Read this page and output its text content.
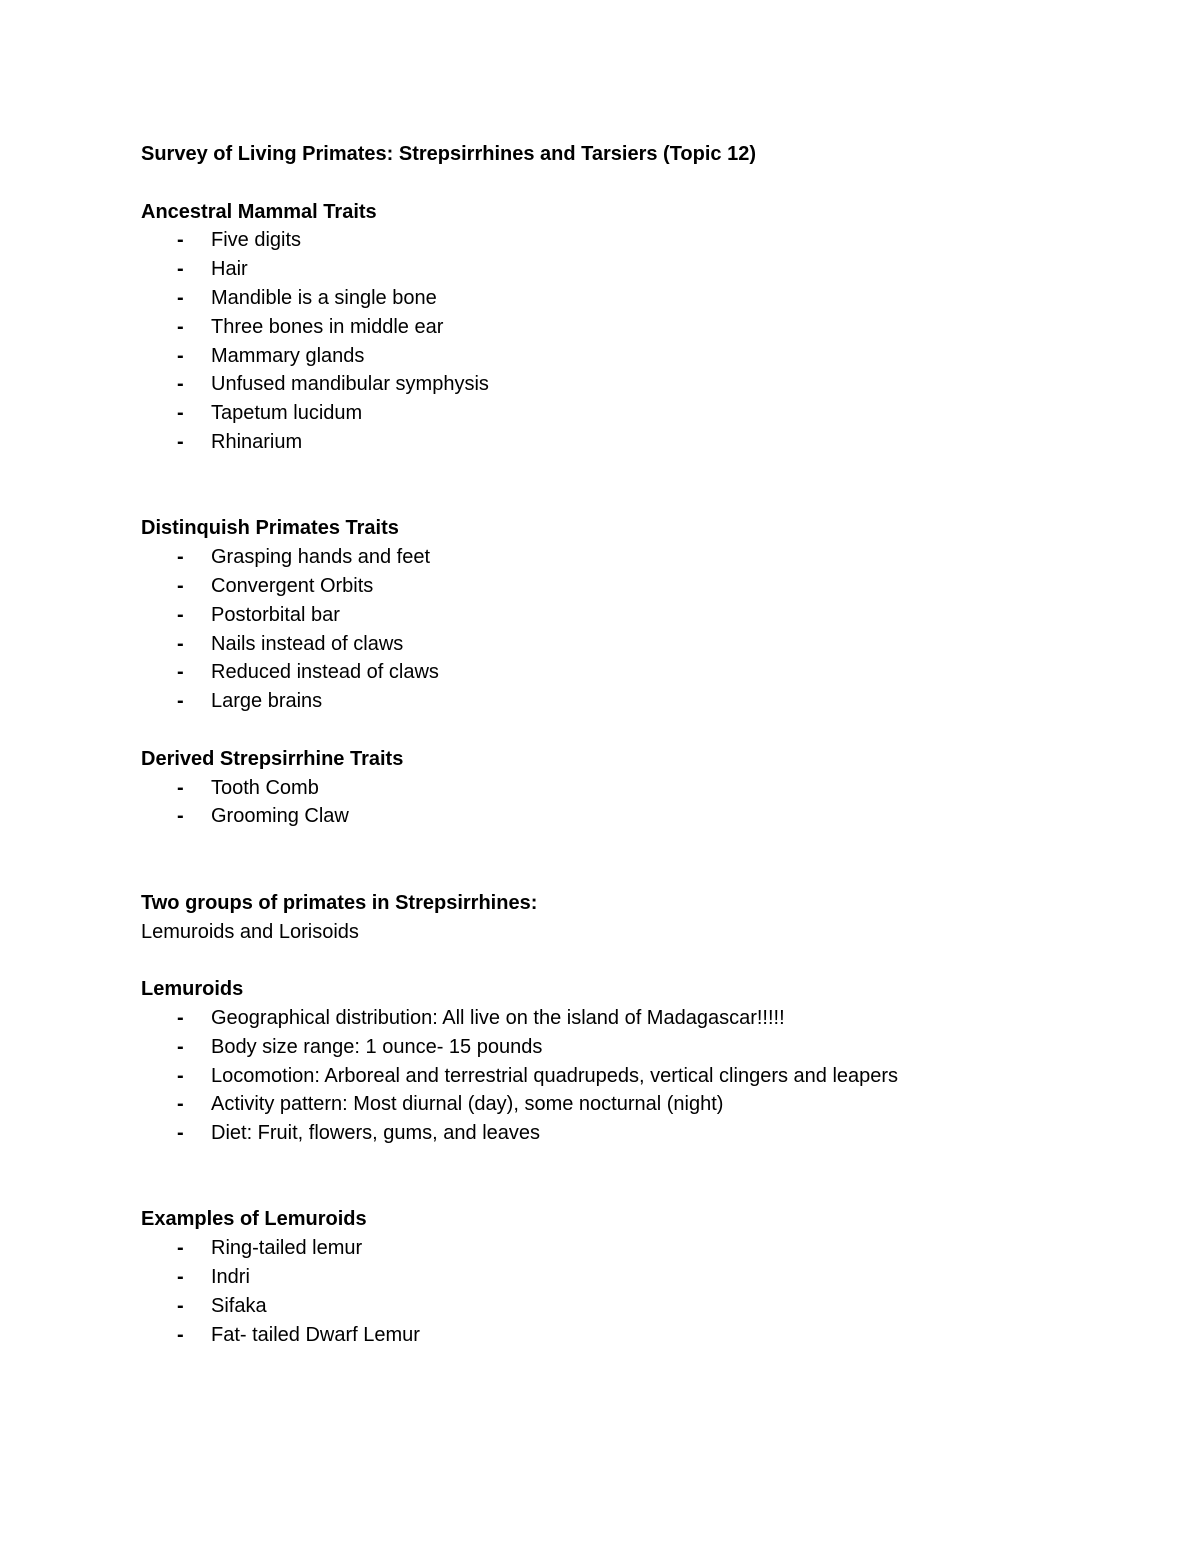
Survey of Living Primates: Strepsirrhines and Tarsiers (Topic 12)
Ancestral Mammal Traits
- Five digits
- Hair
- Mandible is a single bone
- Three bones in middle ear
- Mammary glands
- Unfused mandibular symphysis
- Tapetum lucidum
- Rhinarium
Distinquish Primates Traits
- Grasping hands and feet
- Convergent Orbits
- Postorbital bar
- Nails instead of claws
- Reduced instead of claws
- Large brains
Derived Strepsirrhine Traits
- Tooth Comb
- Grooming Claw
Two groups of primates in Strepsirrhines:
Lemuroids and Lorisoids
Lemuroids
- Geographical distribution: All live on the island of Madagascar!!!!!
- Body size range: 1 ounce- 15 pounds
- Locomotion: Arboreal and terrestrial quadrupeds, vertical clingers and leapers
- Activity pattern: Most diurnal (day), some nocturnal (night)
- Diet: Fruit, flowers, gums, and leaves
Examples of Lemuroids
- Ring-tailed lemur
- Indri
- Sifaka
- Fat- tailed Dwarf Lemur
